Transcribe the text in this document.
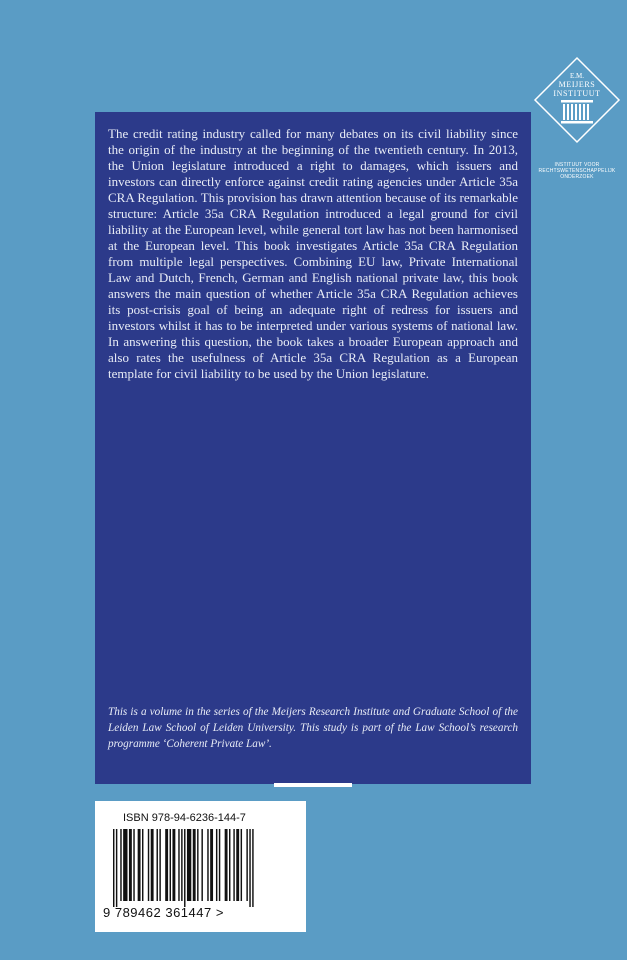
E.M.
MEIJERS
INSTITUUT
INSTITUUT VOOR
RECHTSWETENSCHAPPELIJK
ONDERZOEK

The credit rating industry called for many debates on its civil liability since the origin of the industry at the beginning of the twentieth century. In 2013, the Union legislature introduced a right to damages, which issuers and investors can directly enforce against credit rating agencies under Article 35a CRA Regulation. This provision has drawn attention because of its remarkable structure: Article 35a CRA Regulation introduced a legal ground for civil liability at the European level, while general tort law has not been harmonised at the European level. This book investigates Article 35a CRA Regulation from multiple legal perspectives. Combining EU law, Private International Law and Dutch, French, German and English national private law, this book answers the main question of whether Article 35a CRA Regulation achieves its post-crisis goal of being an adequate right of redress for issuers and investors whilst it has to be interpreted under various systems of national law. In answering this question, the book takes a broader European approach and also rates the usefulness of Article 35a CRA Regulation as a European template for civil liability to be used by the Union legislature.

This is a volume in the series of the Meijers Research Institute and Graduate School of the Leiden Law School of Leiden University. This study is part of the Law School’s research programme ‘Coherent Private Law’.

ISBN 978-94-6236-144-7
9 789462 361447 >
